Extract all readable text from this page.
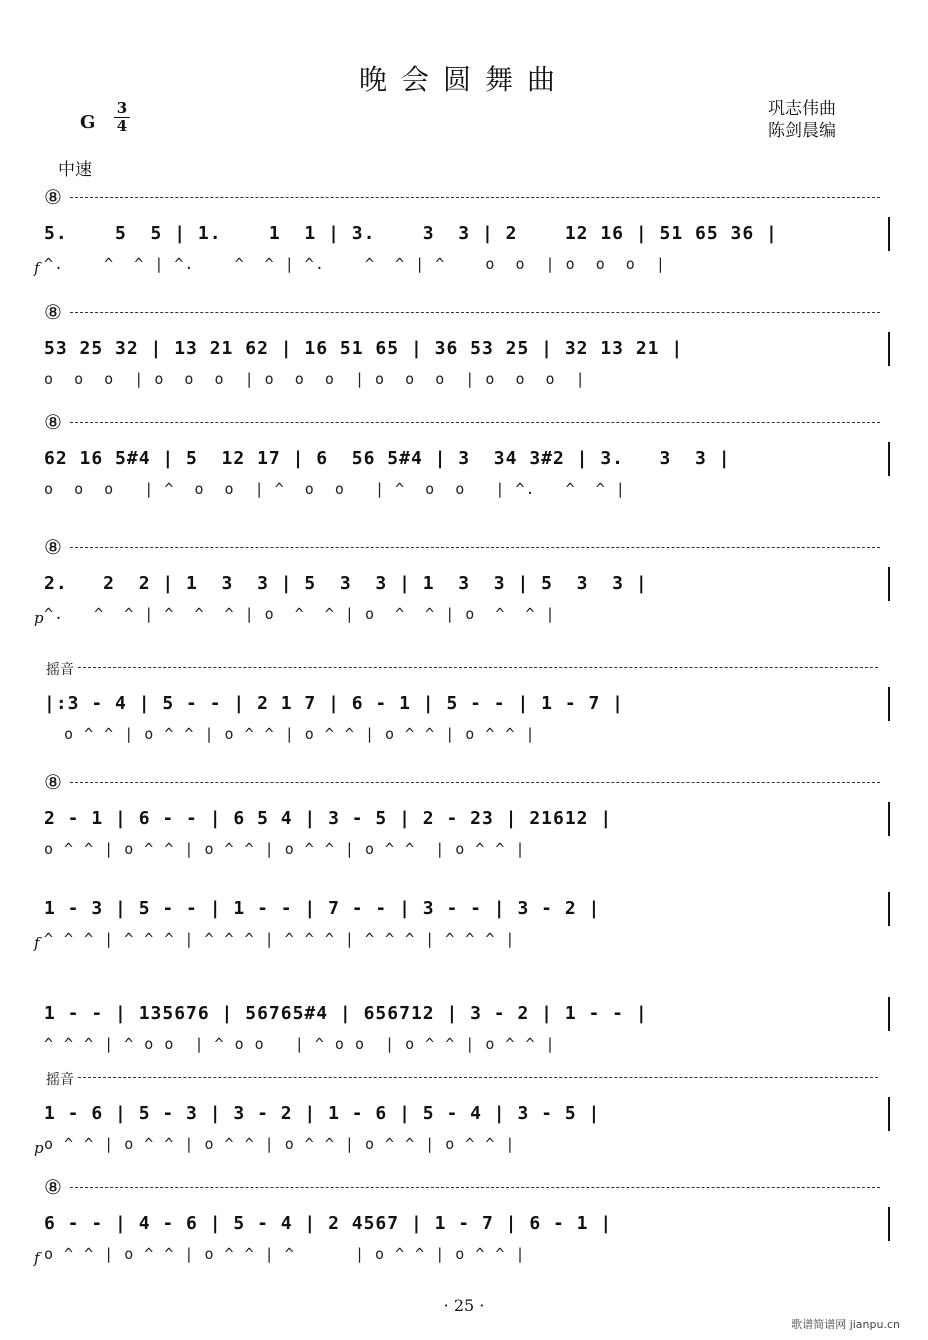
晚会圆舞曲
巩志伟曲
陈剑晨编
G
3
4
中速
⑧
5.    5  5 | 1.    1  1 | 3.    3  3 | 2    12 16 | 51 65 36 |
^.    ^  ^ | ^.    ^  ^ | ^.    ^  ^ | ^    o  o  | o  o  o  |
f
⑧
53 25 32 | 13 21 62 | 16 51 65 | 36 53 25 | 32 13 21 |
o  o  o  | o  o  o  | o  o  o  | o  o  o  | o  o  o  |
⑧
62 16 5#4 | 5  12 17 | 6  56 5#4 | 3  34 3#2 | 3.   3  3 |
o  o  o   | ^  o  o  | ^  o  o   | ^  o  o   | ^.   ^  ^ |
⑧
2.   2  2 | 1  3  3 | 5  3  3 | 1  3  3 | 5  3  3 |
^.   ^  ^ | ^  ^  ^ | o  ^  ^ | o  ^  ^ | o  ^  ^ |
p
摇音
|:3 - 4 | 5 - - | 2 1 7 | 6 - 1 | 5 - - | 1 - 7 |
o ^ ^ | o ^ ^ | o ^ ^ | o ^ ^ | o ^ ^ | o ^ ^ |
⑧
2 - 1 | 6 - - | 6 5 4 | 3 - 5 | 2 - 23 | 21612 |
o ^ ^ | o ^ ^ | o ^ ^ | o ^ ^ | o ^ ^  | o ^ ^ |
1 - 3 | 5 - - | 1 - - | 7 - - | 3 - - | 3 - 2 |
^ ^ ^ | ^ ^ ^ | ^ ^ ^ | ^ ^ ^ | ^ ^ ^ | ^ ^ ^ |
f
1 - - | 135676 | 56765#4 | 656712 | 3 - 2 | 1 - - |
^ ^ ^ | ^ o o  | ^ o o   | ^ o o  | o ^ ^ | o ^ ^ |
摇音
1 - 6 | 5 - 3 | 3 - 2 | 1 - 6 | 5 - 4 | 3 - 5 |
o ^ ^ | o ^ ^ | o ^ ^ | o ^ ^ | o ^ ^ | o ^ ^ |
p
⑧
6 - - | 4 - 6 | 5 - 4 | 2 4567 | 1 - 7 | 6 - 1 |
o ^ ^ | o ^ ^ | o ^ ^ | ^      | o ^ ^ | o ^ ^ |
f
· 25 ·
歌谱简谱网 jianpu.cn
